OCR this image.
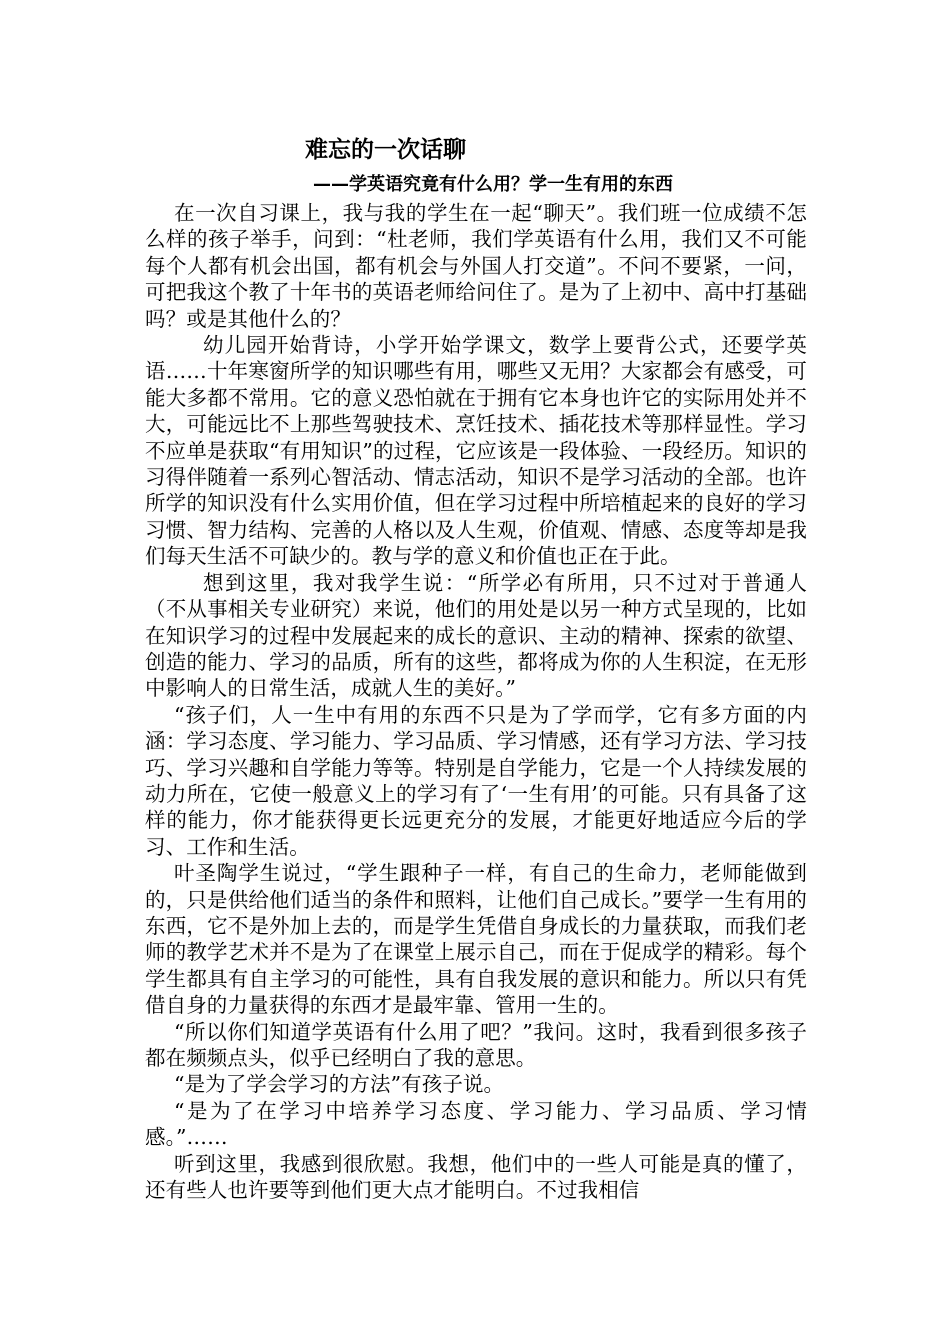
难忘的一次话聊
——学英语究竟有什么用？学一生有用的东西

在一次自习课上，我与我的学生在一起“聊天”。我们班一位成绩不怎么样的孩子举手，问到：“杜老师，我们学英语有什么用，我们又不可能每个人都有机会出国，都有机会与外国人打交道”。不问不要紧，一问，可把我这个教了十年书的英语老师给问住了。是为了上初中、高中打基础吗？或是其他什么的？

幼儿园开始背诗，小学开始学课文，数学上要背公式，还要学英语……十年寒窗所学的知识哪些有用，哪些又无用？大家都会有感受，可能大多都不常用。它的意义恐怕就在于拥有它本身也许它的实际用处并不大，可能远比不上那些驾驶技术、烹饪技术、插花技术等那样显性。学习不应单是获取“有用知识”的过程，它应该是一段体验、一段经历。知识的习得伴随着一系列心智活动、情志活动，知识不是学习活动的全部。也许所学的知识没有什么实用价值，但在学习过程中所培植起来的良好的学习习惯、智力结构、完善的人格以及人生观，价值观、情感、态度等却是我们每天生活不可缺少的。教与学的意义和价值也正在于此。

想到这里，我对我学生说：“所学必有所用，只不过对于普通人（不从事相关专业研究）来说，他们的用处是以另一种方式呈现的，比如在知识学习的过程中发展起来的成长的意识、主动的精神、探索的欲望、创造的能力、学习的品质，所有的这些，都将成为你的人生积淀，在无形中影响人的日常生活，成就人生的美好。”

“孩子们，人一生中有用的东西不只是为了学而学，它有多方面的内涵：学习态度、学习能力、学习品质、学习情感，还有学习方法、学习技巧、学习兴趣和自学能力等等。特别是自学能力，它是一个人持续发展的动力所在，它使一般意义上的学习有了‘一生有用’的可能。只有具备了这样的能力，你才能获得更长远更充分的发展，才能更好地适应今后的学习、工作和生活。

叶圣陶学生说过，“学生跟种子一样，有自己的生命力，老师能做到的，只是供给他们适当的条件和照料，让他们自己成长。”要学一生有用的东西，它不是外加上去的，而是学生凭借自身成长的力量获取，而我们老师的教学艺术并不是为了在课堂上展示自己，而在于促成学的精彩。每个学生都具有自主学习的可能性，具有自我发展的意识和能力。所以只有凭借自身的力量获得的东西才是最牢靠、管用一生的。

“所以你们知道学英语有什么用了吧？”我问。这时，我看到很多孩子都在频频点头，似乎已经明白了我的意思。

“是为了学会学习的方法”有孩子说。

“是为了在学习中培养学习态度、学习能力、学习品质、学习情感。”……

听到这里，我感到很欣慰。我想，他们中的一些人可能是真的懂了，还有些人也许要等到他们更大点才能明白。不过我相信
